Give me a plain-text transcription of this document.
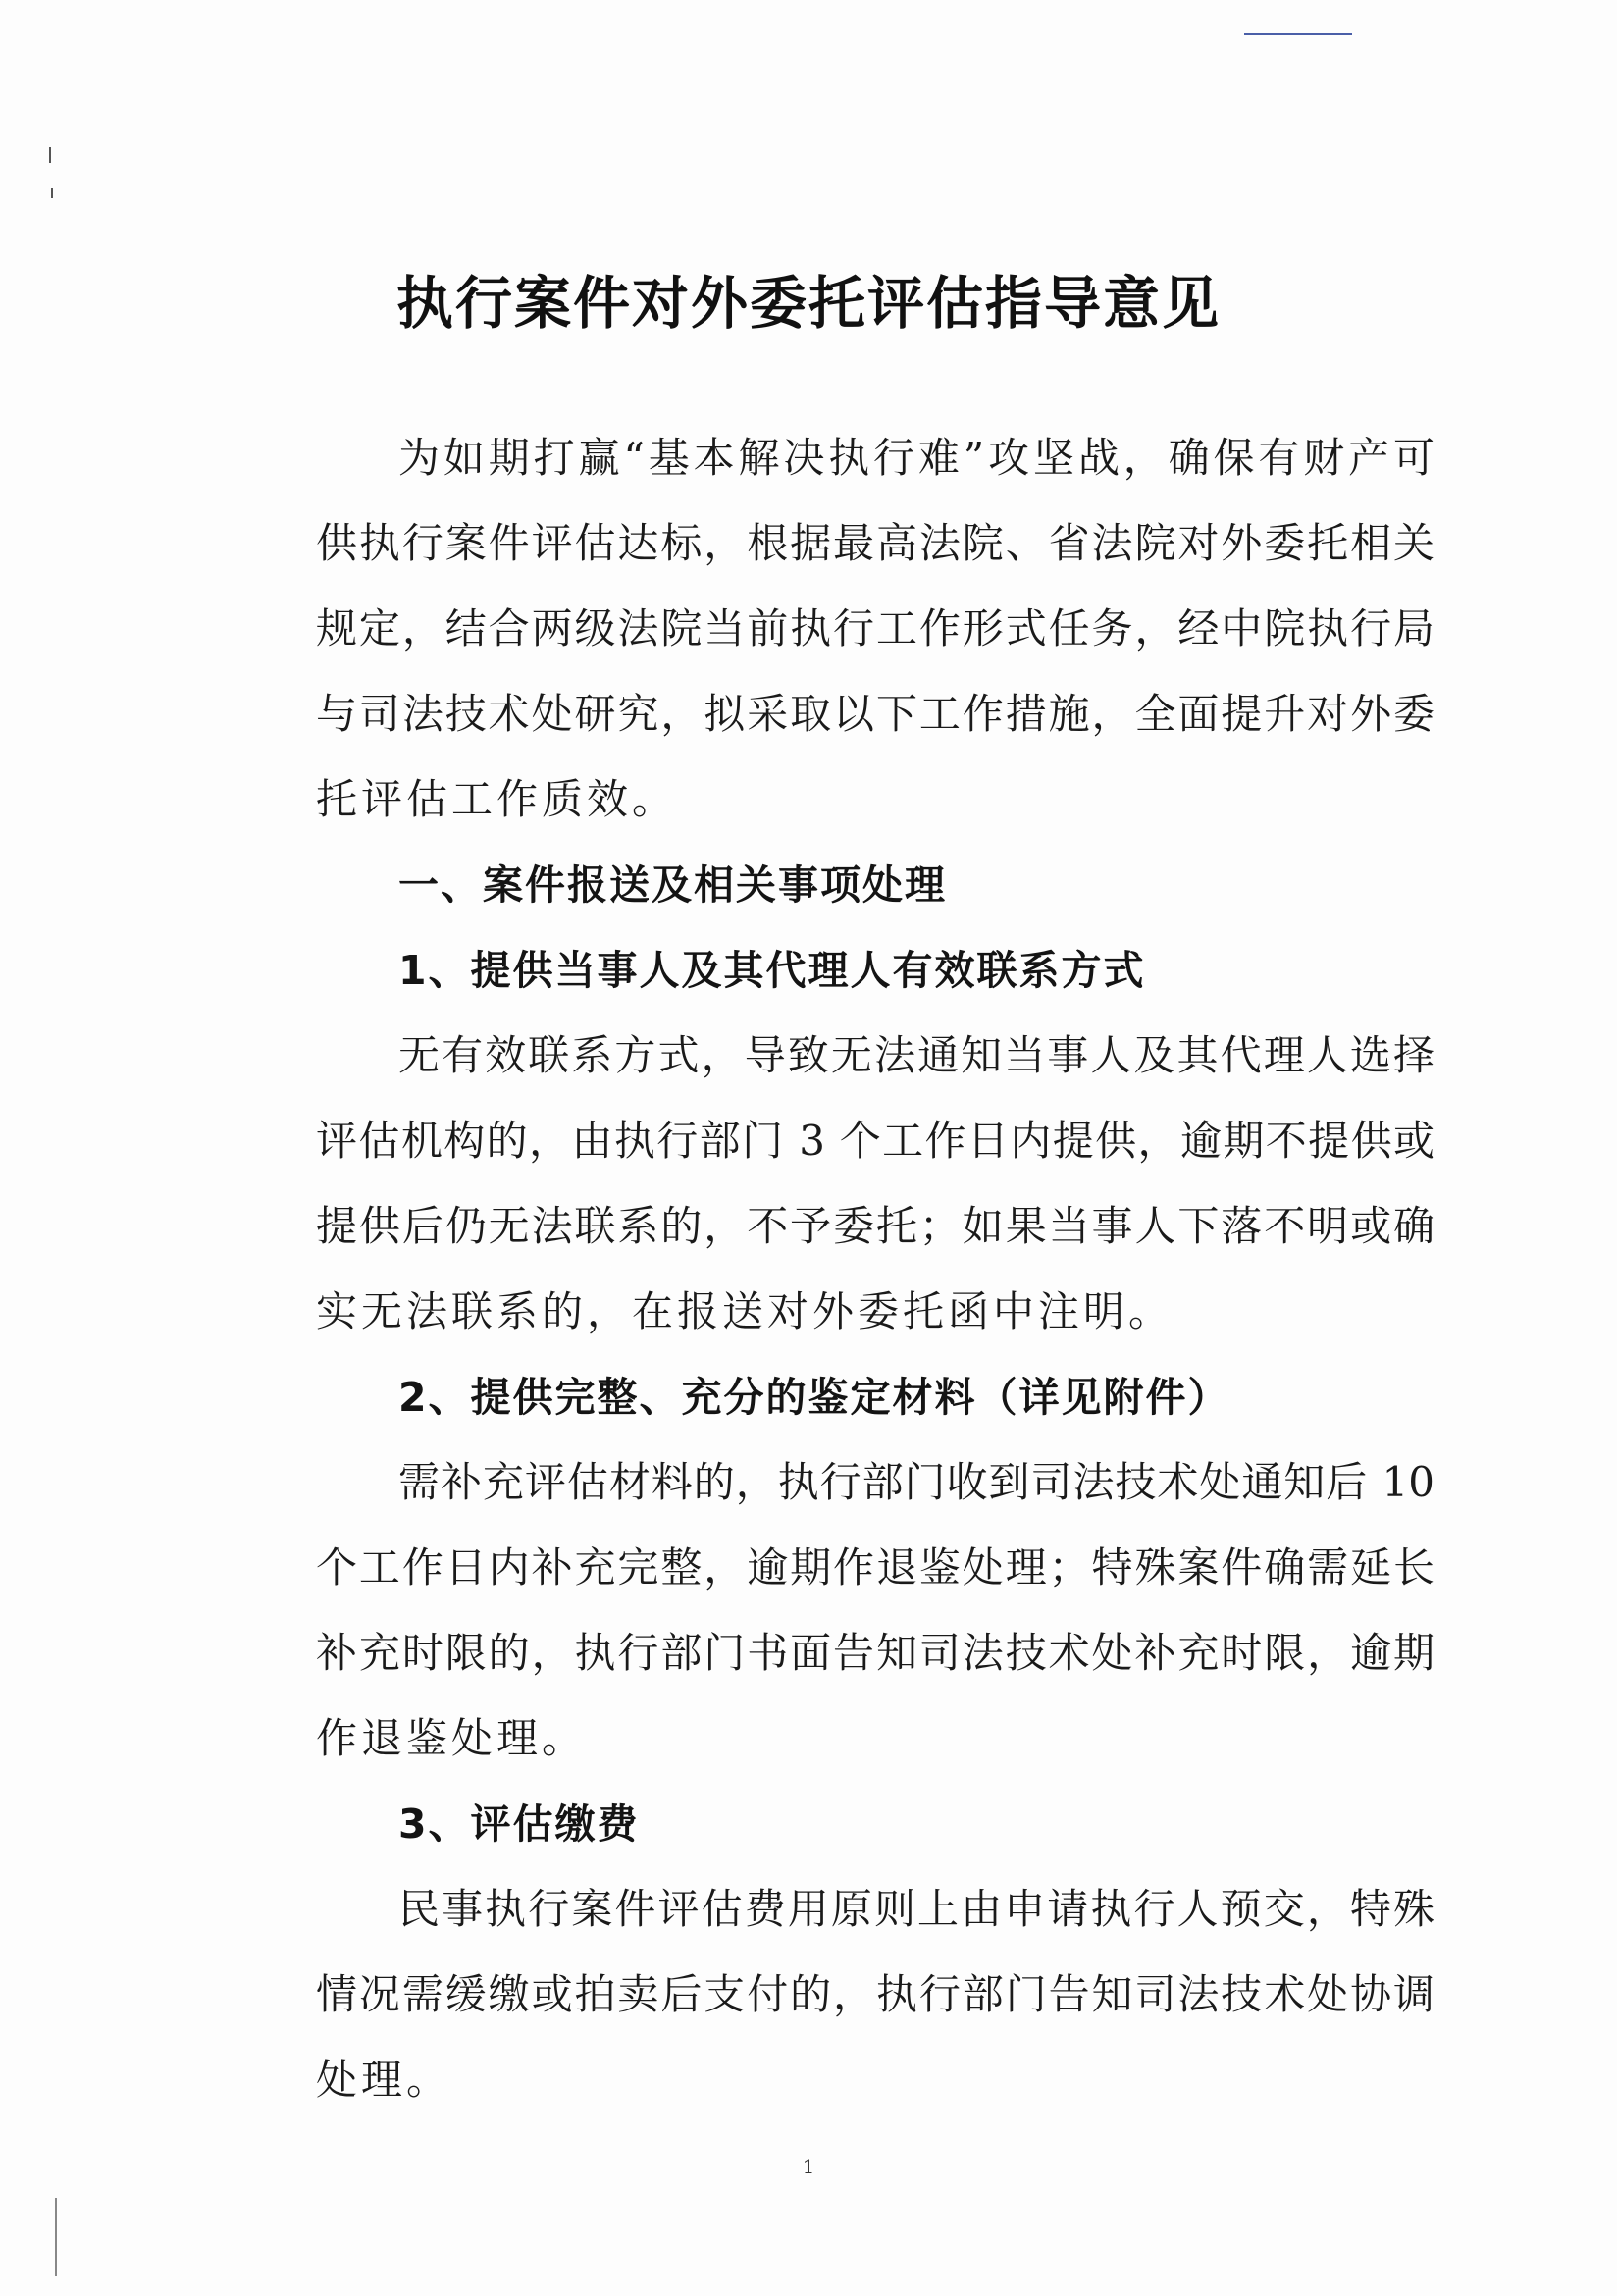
执行案件对外委托评估指导意见
为如期打赢“基本解决执行难”攻坚战，确保有财产可
供执行案件评估达标，根据最高法院、省法院对外委托相关
规定，结合两级法院当前执行工作形式任务，经中院执行局
与司法技术处研究，拟采取以下工作措施，全面提升对外委
托评估工作质效。
一、案件报送及相关事项处理
1、提供当事人及其代理人有效联系方式
无有效联系方式，导致无法通知当事人及其代理人选择
评估机构的，由执行部门 3 个工作日内提供，逾期不提供或
提供后仍无法联系的，不予委托；如果当事人下落不明或确
实无法联系的，在报送对外委托函中注明。
2、提供完整、充分的鉴定材料（详见附件）
需补充评估材料的，执行部门收到司法技术处通知后 10
个工作日内补充完整，逾期作退鉴处理；特殊案件确需延长
补充时限的，执行部门书面告知司法技术处补充时限，逾期
作退鉴处理。
3、评估缴费
民事执行案件评估费用原则上由申请执行人预交，特殊
情况需缓缴或拍卖后支付的，执行部门告知司法技术处协调
处理。
1
